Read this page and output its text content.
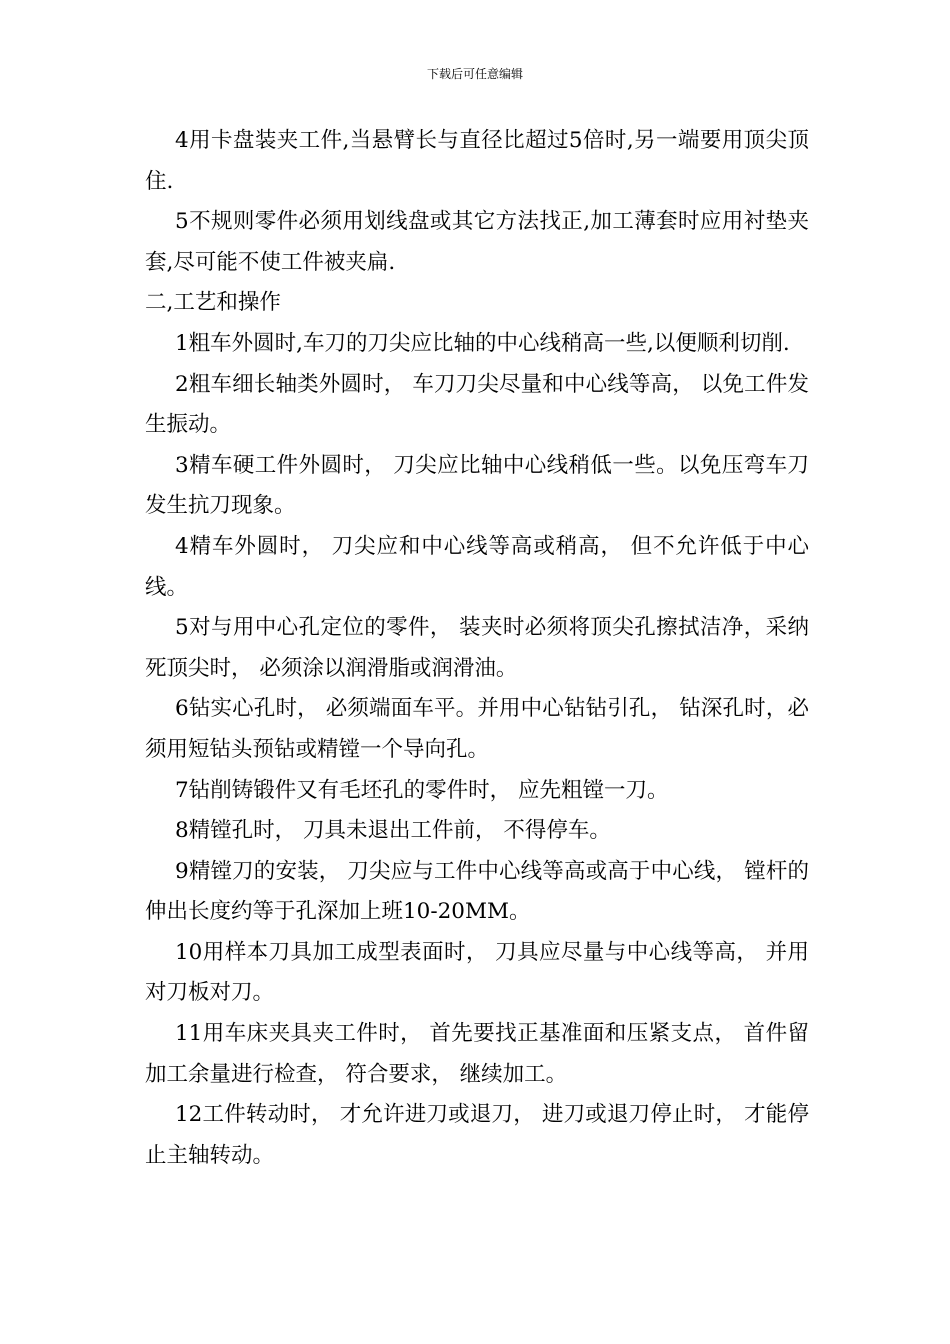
下载后可任意编辑

4用卡盘装夹工件,当悬臂长与直径比超过5倍时,另一端要用顶尖顶住.

5不规则零件必须用划线盘或其它方法找正,加工薄套时应用衬垫夹套,尽可能不使工件被夹扁.

二,工艺和操作

1粗车外圆时,车刀的刀尖应比轴的中心线稍高一些,以便顺利切削.

2粗车细长轴类外圆时， 车刀刀尖尽量和中心线等高， 以免工件发生振动。

3精车硬工件外圆时， 刀尖应比轴中心线稍低一些。以免压弯车刀发生抗刀现象。

4精车外圆时， 刀尖应和中心线等高或稍高， 但不允许低于中心线。

5对与用中心孔定位的零件， 装夹时必须将顶尖孔擦拭洁净，采纳死顶尖时， 必须涂以润滑脂或润滑油。

6钻实心孔时， 必须端面车平。并用中心钻钻引孔， 钻深孔时，必须用短钻头预钻或精镗一个导向孔。

7钻削铸锻件又有毛坯孔的零件时， 应先粗镗一刀。

8精镗孔时， 刀具未退出工件前， 不得停车。

9精镗刀的安装， 刀尖应与工件中心线等高或高于中心线， 镗杆的伸出长度约等于孔深加上班10-20MM。

10用样本刀具加工成型表面时， 刀具应尽量与中心线等高， 并用对刀板对刀。

11用车床夹具夹工件时， 首先要找正基准面和压紧支点， 首件留加工余量进行检查， 符合要求， 继续加工。

12工件转动时， 才允许进刀或退刀， 进刀或退刀停止时， 才能停止主轴转动。
